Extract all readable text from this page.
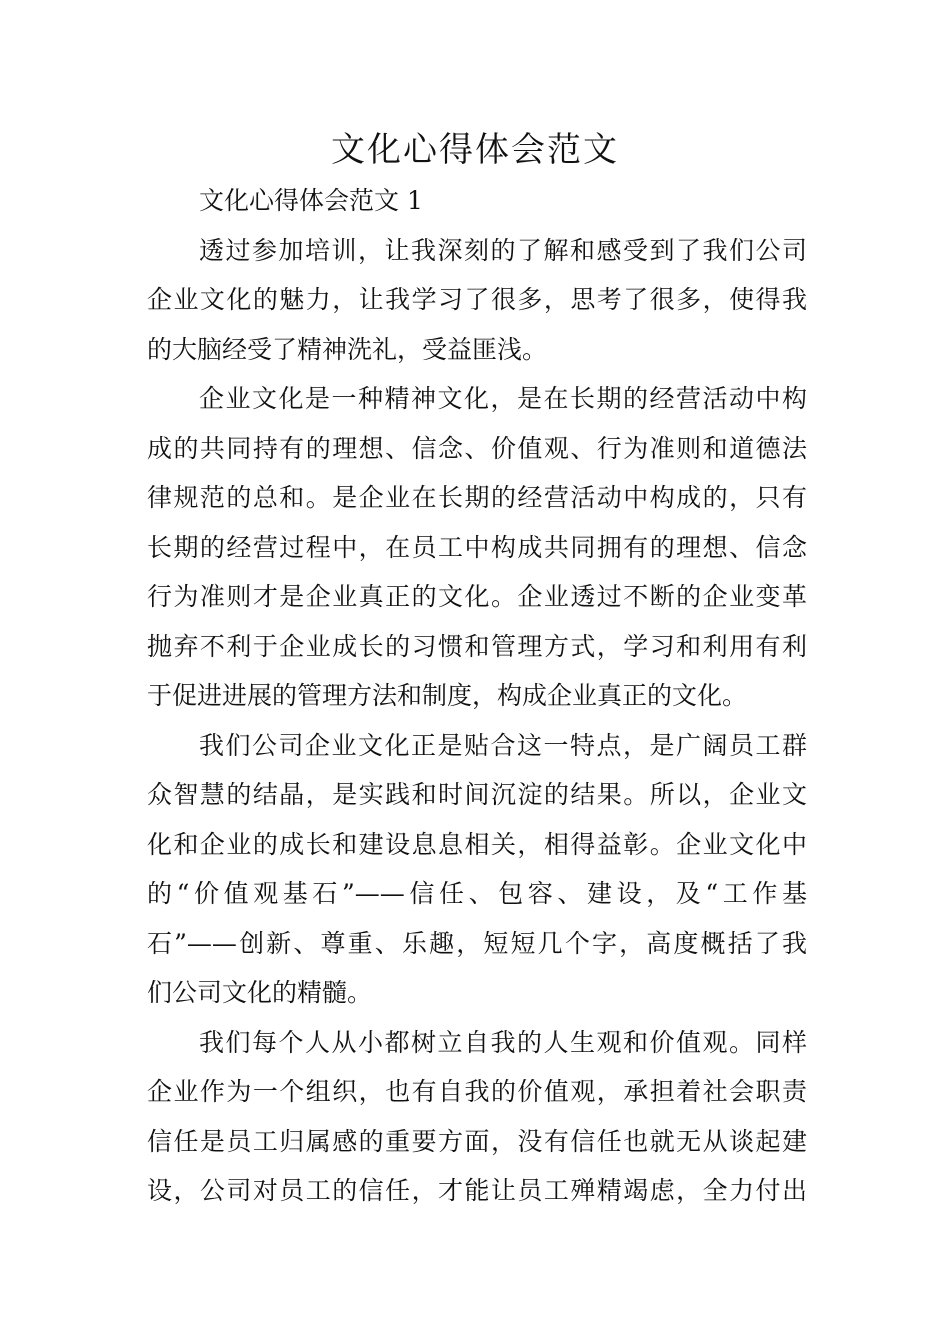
文化心得体会范文
文化心得体会范文 1
透过参加培训，让我深刻的了解和感受到了我们公司
企业文化的魅力，让我学习了很多，思考了很多，使得我
的大脑经受了精神洗礼，受益匪浅。
企业文化是一种精神文化，是在长期的经营活动中构
成的共同持有的理想、信念、价值观、行为准则和道德法
律规范的总和。是企业在长期的经营活动中构成的，只有
长期的经营过程中，在员工中构成共同拥有的理想、信念
行为准则才是企业真正的文化。企业透过不断的企业变革
抛弃不利于企业成长的习惯和管理方式，学习和利用有利
于促进进展的管理方法和制度，构成企业真正的文化。
我们公司企业文化正是贴合这一特点，是广阔员工群
众智慧的结晶，是实践和时间沉淀的结果。所以，企业文
化和企业的成长和建设息息相关，相得益彰。企业文化中
的“价值观基石”——信任、包容、建设，及“工作基
石”——创新、尊重、乐趣，短短几个字，高度概括了我
们公司文化的精髓。
我们每个人从小都树立自我的人生观和价值观。同样
企业作为一个组织，也有自我的价值观，承担着社会职责
信任是员工归属感的重要方面，没有信任也就无从谈起建
设，公司对员工的信任，才能让员工殚精竭虑，全力付出
